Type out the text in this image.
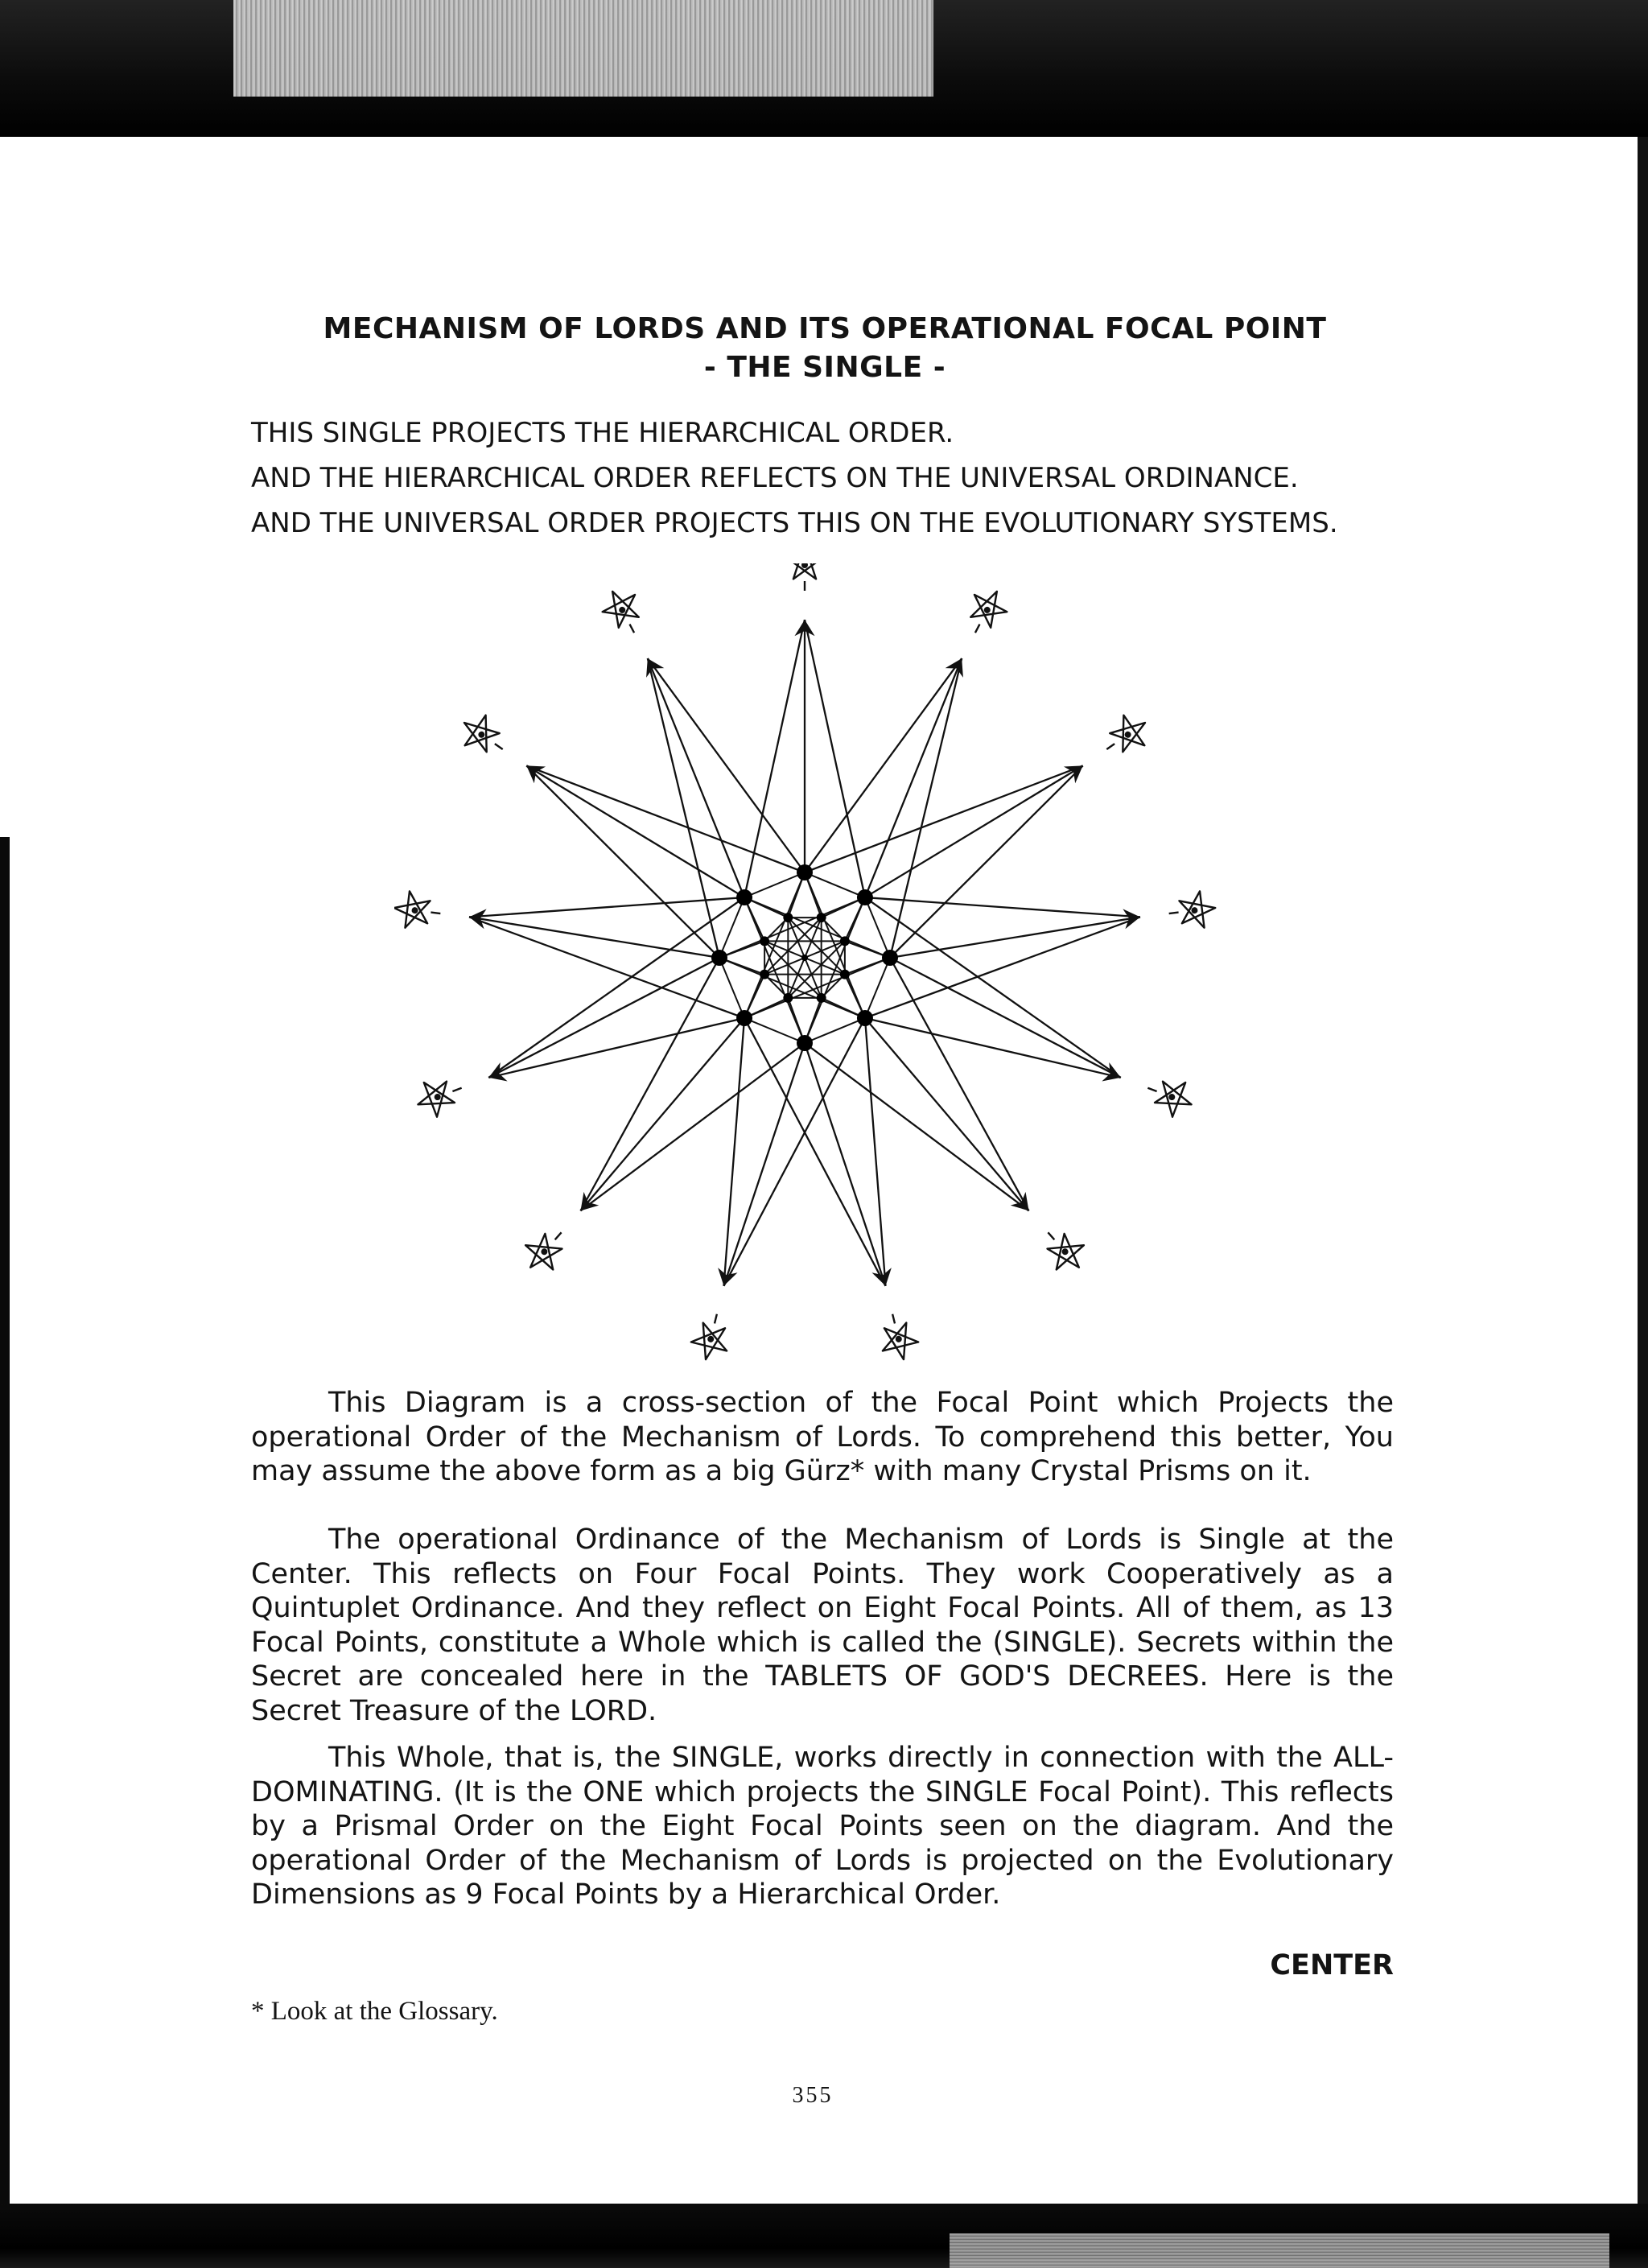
MECHANISM OF LORDS AND ITS OPERATIONAL FOCAL POINT
- THE SINGLE -
THIS SINGLE PROJECTS THE HIERARCHICAL ORDER.
AND THE HIERARCHICAL ORDER REFLECTS ON THE UNIVERSAL ORDINANCE.
AND THE UNIVERSAL ORDER PROJECTS THIS ON THE EVOLUTIONARY SYSTEMS.

This Diagram is a cross-section of the Focal Point which Projects the operational Order of the Mechanism of Lords. To comprehend this better, You may assume the above form as a big Gürz* with many Crystal Prisms on it.

The operational Ordinance of the Mechanism of Lords is Single at the Center. This reflects on Four Focal Points. They work Cooperatively as a Quintuplet Ordinance. And they reflect on Eight Focal Points. All of them, as 13 Focal Points, constitute a Whole which is called the (SINGLE). Secrets within the Secret are concealed here in the TABLETS OF GOD'S DECREES. Here is the Secret Treasure of the LORD.

This Whole, that is, the SINGLE, works directly in connection with the ALL-DOMINATING. (It is the ONE which projects the SINGLE Focal Point). This reflects by a Prismal Order on the Eight Focal Points seen on the diagram. And the operational Order of the Mechanism of Lords is projected on the Evolutionary Dimensions as 9 Focal Points by a Hierarchical Order.

CENTER

* Look at the Glossary.

355
